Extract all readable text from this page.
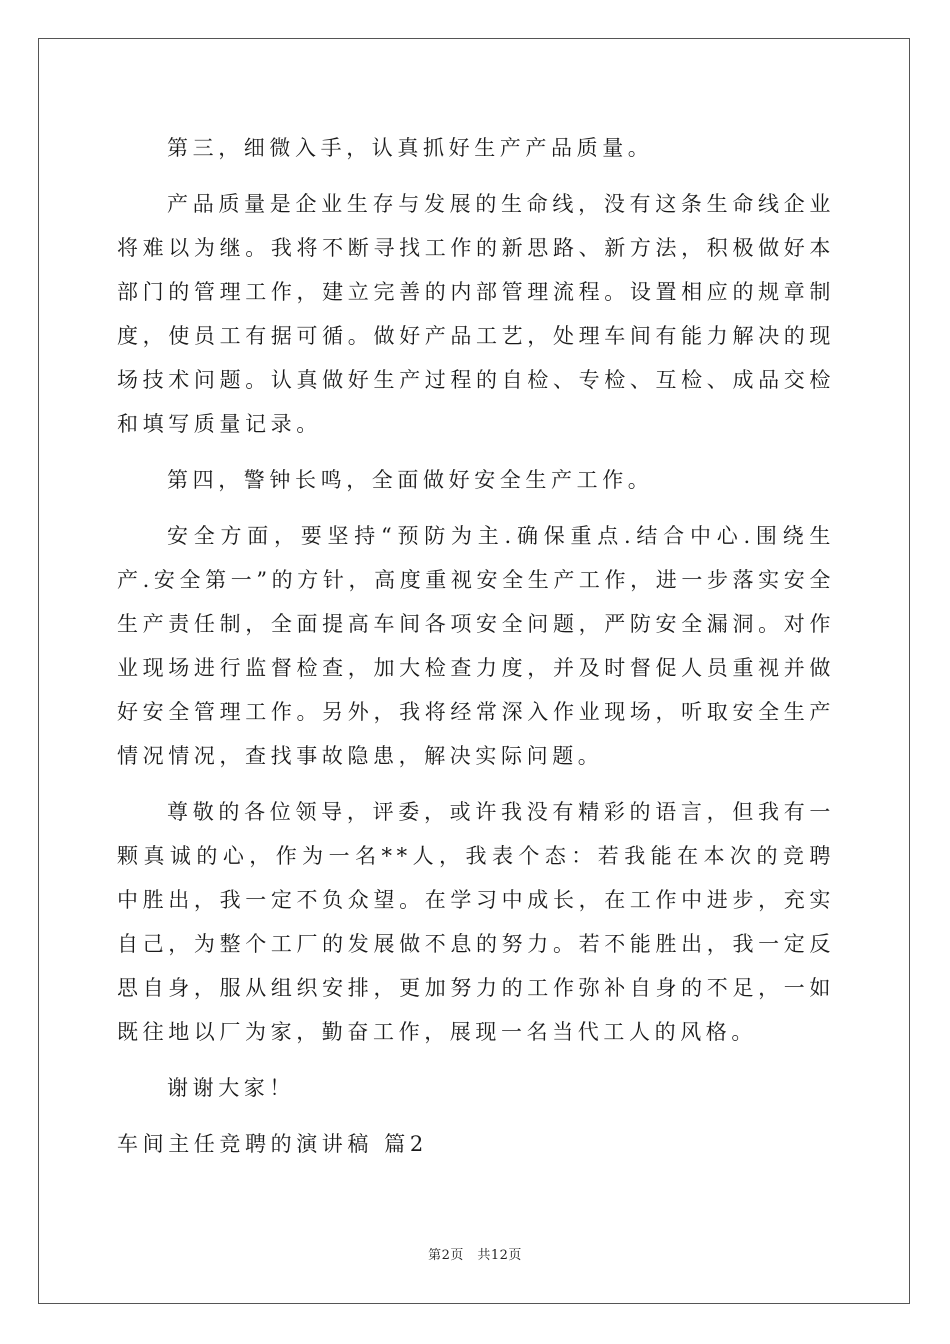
第三，细微入手，认真抓好生产产品质量。

产品质量是企业生存与发展的生命线，没有这条生命线企业将难以为继。我将不断寻找工作的新思路、新方法，积极做好本部门的管理工作，建立完善的内部管理流程。设置相应的规章制度，使员工有据可循。做好产品工艺，处理车间有能力解决的现场技术问题。认真做好生产过程的自检、专检、互检、成品交检和填写质量记录。

第四，警钟长鸣，全面做好安全生产工作。

安全方面，要坚持“预防为主.确保重点.结合中心.围绕生产.安全第一”的方针，高度重视安全生产工作，进一步落实安全生产责任制，全面提高车间各项安全问题，严防安全漏洞。对作业现场进行监督检查，加大检查力度，并及时督促人员重视并做好安全管理工作。另外，我将经常深入作业现场，听取安全生产情况情况，查找事故隐患，解决实际问题。

尊敬的各位领导，评委，或许我没有精彩的语言，但我有一颗真诚的心，作为一名**人，我表个态：若我能在本次的竞聘中胜出，我一定不负众望。在学习中成长，在工作中进步，充实自己，为整个工厂的发展做不息的努力。若不能胜出，我一定反思自身，服从组织安排，更加努力的工作弥补自身的不足，一如既往地以厂为家，勤奋工作，展现一名当代工人的风格。

谢谢大家！

车间主任竞聘的演讲稿 篇2

第2页　共12页
